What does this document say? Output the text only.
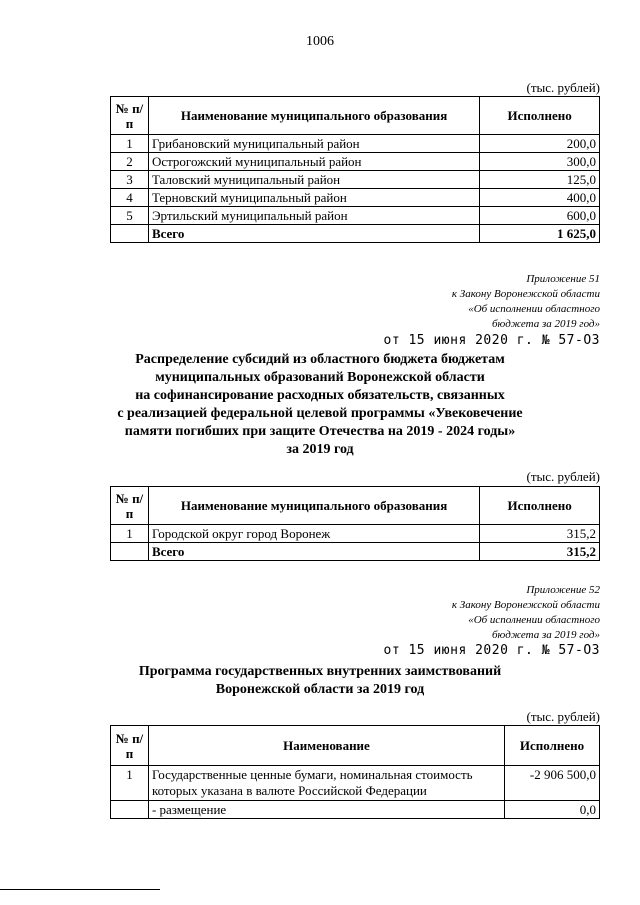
1006
(тыс. рублей)
№ п/п	Наименование муниципального образования	Исполнено
1	Грибановский муниципальный район	200,0
2	Острогожский муниципальный район	300,0
3	Таловский муниципальный район	125,0
4	Терновский муниципальный район	400,0
5	Эртильский муниципальный район	600,0
	Всего	1 625,0
Приложение 51
к Закону Воронежской области
«Об исполнении областного
бюджета за 2019 год»
от 15 июня 2020 г. № 57-ОЗ
Распределение субсидий из областного бюджета бюджетам
муниципальных образований Воронежской области
на софинансирование расходных обязательств, связанных
с реализацией федеральной целевой программы «Увековечение
памяти погибших при защите Отечества на 2019 - 2024 годы»
за 2019 год
(тыс. рублей)
№ п/п	Наименование муниципального образования	Исполнено
1	Городской округ город Воронеж	315,2
	Всего	315,2
Приложение 52
к Закону Воронежской области
«Об исполнении областного
бюджета за 2019 год»
от 15 июня 2020 г. № 57-ОЗ
Программа государственных внутренних заимствований
Воронежской области за 2019 год
(тыс. рублей)
№ п/п	Наименование	Исполнено
1	Государственные ценные бумаги, номинальная стоимость которых указана в валюте Российской Федерации	-2 906 500,0
	- размещение	0,0
